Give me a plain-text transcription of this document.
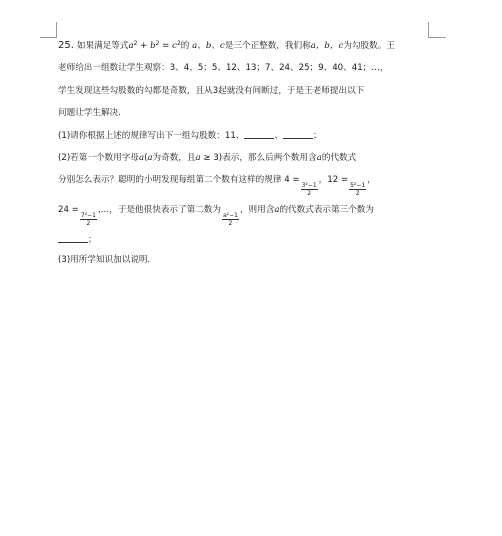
25. 如果满足等式$a^2 + b^2 = c^2$的 a、b、c是三个正整数，我们称a，b，c为勾股数。王
老师给出一组数让学生观察：3、4、5；5、12、13；7、24、25；9、40、41；…，
学生发现这些勾股数的勾都是奇数，且从3起就没有间断过，于是王老师提出以下
问题让学生解决．
(1)请你根据上述的规律写出下一组勾股数：11、	、	；
(2)若第一个数用字母a(a为奇数，且a ≥ 3)表示，那么后两个数用含a的代数式
分别怎么表示？聪明的小明发现每组第二个数有这样的规律 4 =
$\frac{\text{3²−1}}{2}$
，12 =
$\frac{\text{5²−1}}{2}$
，
24 =
$\frac{\text{7²−1}}{2}$
,…，于是他很快表示了第二数为
$\frac{\text{a²−1}}{2}$
，则用含a的代数式表示第三个数为
；
(3)用所学知识加以说明．
